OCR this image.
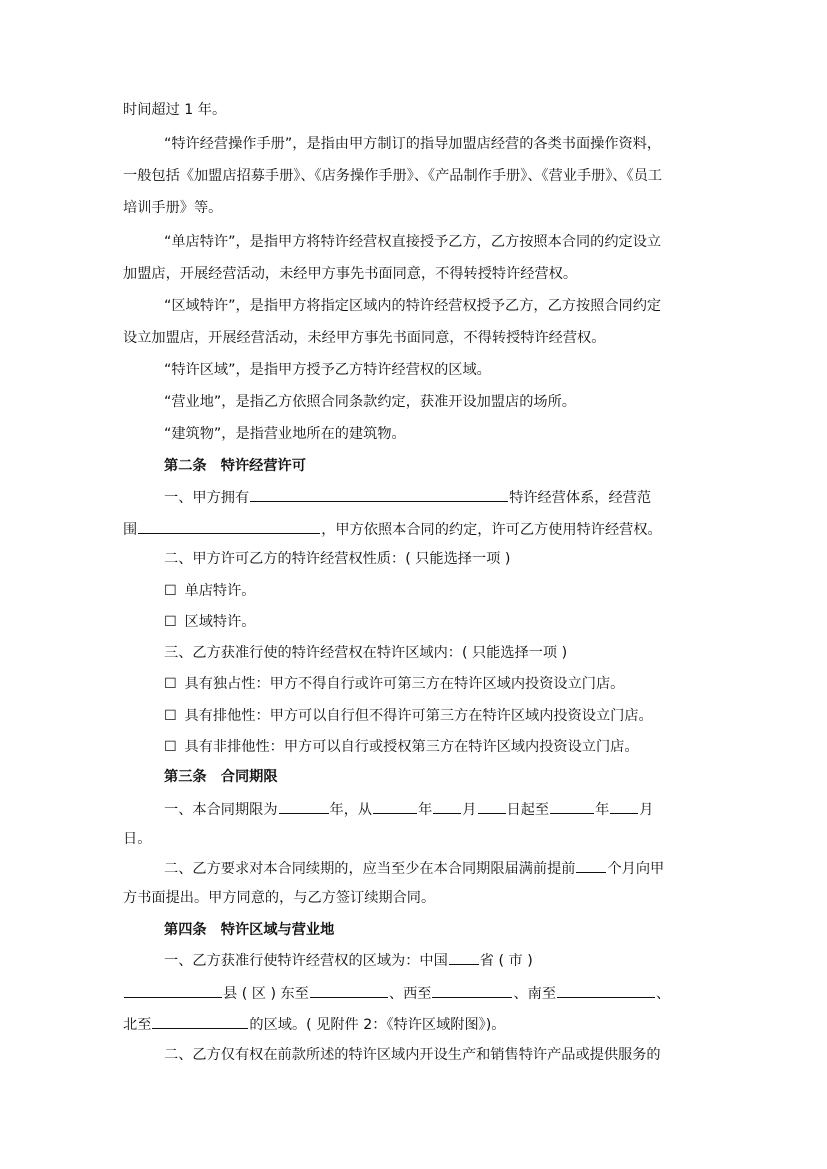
时间超过 1 年。
“特许经营操作手册”，是指由甲方制订的指导加盟店经营的各类书面操作资料，
一般包括《加盟店招募手册》、《店务操作手册》、《产品制作手册》、《营业手册》、《员工
培训手册》等。
“单店特许”，是指甲方将特许经营权直接授予乙方，乙方按照本合同的约定设立
加盟店，开展经营活动，未经甲方事先书面同意，不得转授特许经营权。
“区域特许”，是指甲方将指定区域内的特许经营权授予乙方，乙方按照合同约定
设立加盟店，开展经营活动，未经甲方事先书面同意，不得转授特许经营权。
“特许区域”，是指甲方授予乙方特许经营权的区域。
“营业地”，是指乙方依照合同条款约定，获准开设加盟店的场所。
“建筑物”，是指营业地所在的建筑物。
第二条　特许经营许可
一、甲方拥有	特许经营体系，经营范
围	，甲方依照本合同的约定，许可乙方使用特许经营权。
二、甲方许可乙方的特许经营权性质：( 只能选择一项 )
☐ 单店特许。
☐ 区域特许。
三、乙方获准行使的特许经营权在特许区域内：( 只能选择一项 )
☐ 具有独占性：甲方不得自行或许可第三方在特许区域内投资设立门店。
☐ 具有排他性：甲方可以自行但不得许可第三方在特许区域内投资设立门店。
☐ 具有非排他性：甲方可以自行或授权第三方在特许区域内投资设立门店。
第三条　合同期限
一、本合同期限为	年，从	年 月 日起至	年 月
日。
二、乙方要求对本合同续期的，应当至少在本合同期限届满前提前 个月向甲
方书面提出。甲方同意的，与乙方签订续期合同。
第四条　特许区域与营业地
一、乙方获准行使特许经营权的区域为：中国 省 ( 市 )
县 ( 区 ) 东至	、西至	、南至	、
北至	的区域。( 见附件 2：《特许区域附图》)。
二、乙方仅有权在前款所述的特许区域内开设生产和销售特许产品或提供服务的
